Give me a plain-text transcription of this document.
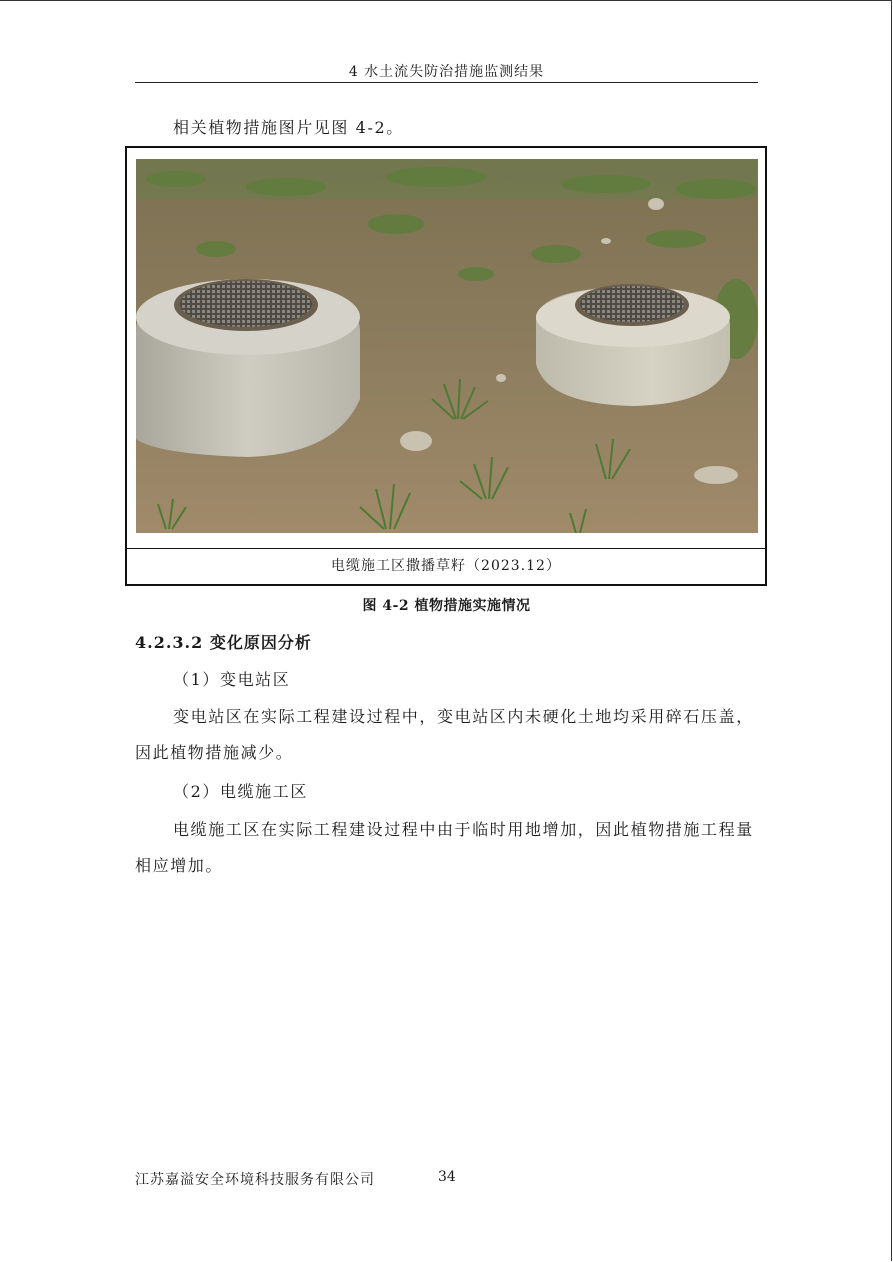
4 水土流失防治措施监测结果
相关植物措施图片见图 4-2。
电缆施工区撒播草籽（2023.12）
图 4-2 植物措施实施情况
4.2.3.2 变化原因分析
（1）变电站区
变电站区在实际工程建设过程中，变电站区内未硬化土地均采用碎石压盖，因此植物措施减少。
（2）电缆施工区
电缆施工区在实际工程建设过程中由于临时用地增加，因此植物措施工程量相应增加。
江苏嘉溢安全环境科技服务有限公司	34
